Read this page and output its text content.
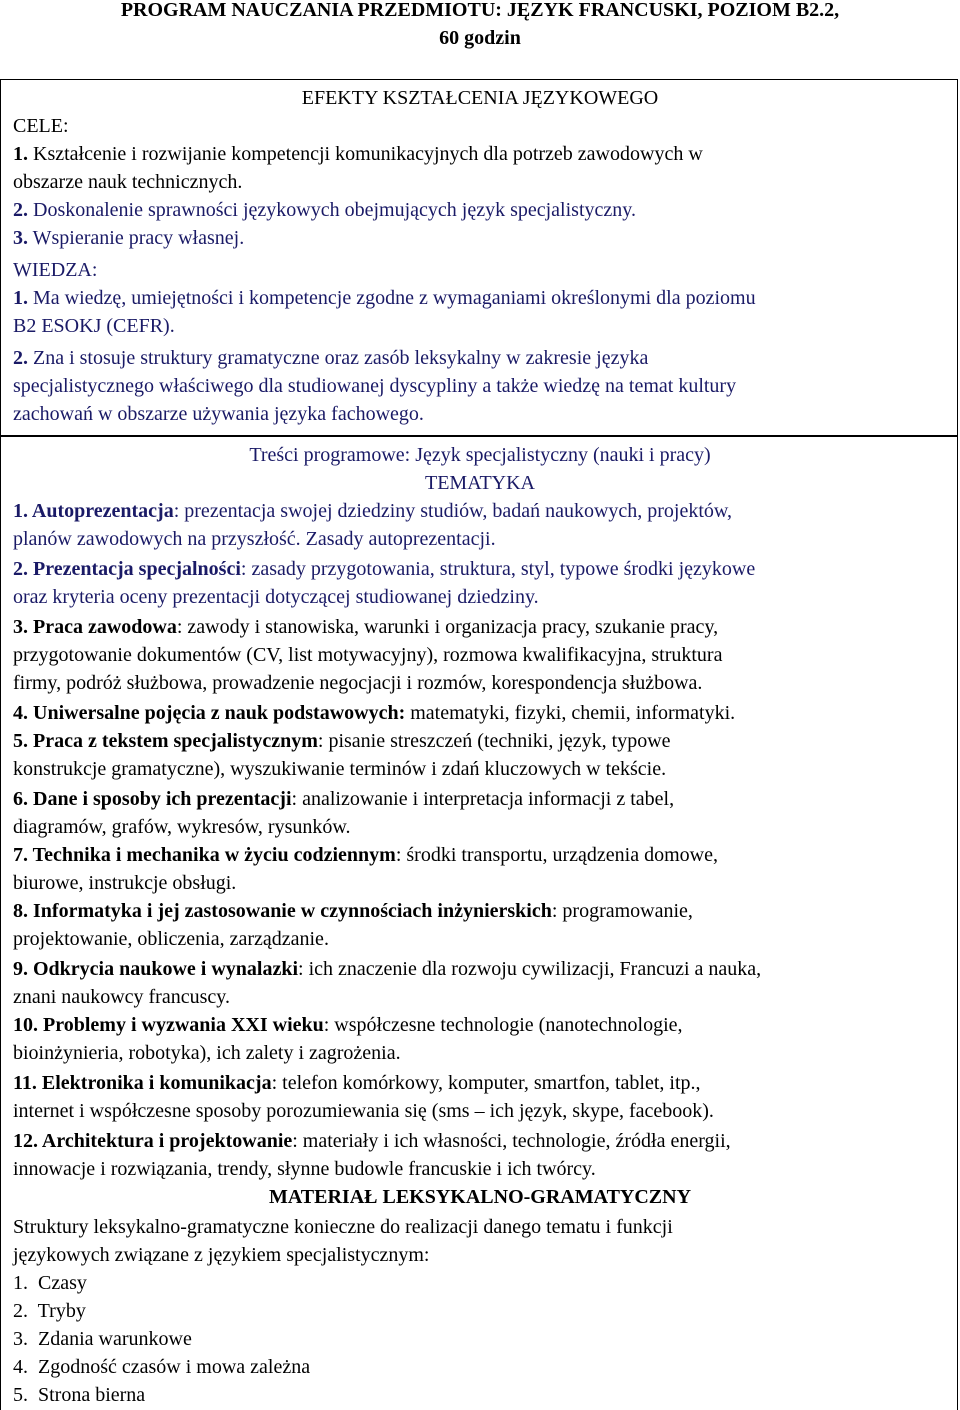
PROGRAM NAUCZANIA PRZEDMIOTU: JĘZYK FRANCUSKI, POZIOM B2.2,
60 godzin
EFEKTY KSZTAŁCENIA JĘZYKOWEGO
CELE:
1. Kształcenie i rozwijanie kompetencji komunikacyjnych dla potrzeb zawodowych w
obszarze nauk technicznych.
2. Doskonalenie sprawności językowych obejmujących język specjalistyczny.
3. Wspieranie pracy własnej.
WIEDZA:
1. Ma wiedzę, umiejętności i kompetencje zgodne z wymaganiami określonymi dla poziomu
B2 ESOKJ (CEFR).
2. Zna i stosuje struktury gramatyczne oraz zasób leksykalny w zakresie języka
specjalistycznego właściwego dla studiowanej dyscypliny a także wiedzę na temat kultury
zachowań w obszarze używania języka fachowego.
Treści programowe: Język specjalistyczny (nauki i pracy)
TEMATYKA
1. Autoprezentacja: prezentacja swojej dziedziny studiów, badań naukowych, projektów,
planów zawodowych na przyszłość. Zasady autoprezentacji.
2. Prezentacja specjalności: zasady przygotowania, struktura, styl, typowe środki językowe
oraz kryteria oceny prezentacji dotyczącej studiowanej dziedziny.
3. Praca zawodowa: zawody i stanowiska, warunki i organizacja pracy, szukanie pracy,
przygotowanie dokumentów (CV, list motywacyjny), rozmowa kwalifikacyjna, struktura
firmy, podróż służbowa, prowadzenie negocjacji i rozmów, korespondencja służbowa.
4. Uniwersalne pojęcia z nauk podstawowych: matematyki, fizyki, chemii, informatyki.
5. Praca z tekstem specjalistycznym: pisanie streszczeń (techniki, język, typowe
konstrukcje gramatyczne), wyszukiwanie terminów i zdań kluczowych w tekście.
6. Dane i sposoby ich prezentacji: analizowanie i interpretacja informacji z tabel,
diagramów, grafów, wykresów, rysunków.
7. Technika i mechanika w życiu codziennym: środki transportu, urządzenia domowe,
biurowe, instrukcje obsługi.
8. Informatyka i jej zastosowanie w czynnościach inżynierskich: programowanie,
projektowanie, obliczenia, zarządzanie.
9. Odkrycia naukowe i wynalazki: ich znaczenie dla rozwoju cywilizacji, Francuzi a nauka,
znani naukowcy francuscy.
10. Problemy i wyzwania XXI wieku: współczesne technologie (nanotechnologie,
bioinżynieria, robotyka), ich zalety i zagrożenia.
11. Elektronika i komunikacja: telefon komórkowy, komputer, smartfon, tablet, itp.,
internet i współczesne sposoby porozumiewania się (sms – ich język, skype, facebook).
12. Architektura i projektowanie: materiały i ich własności, technologie, źródła energii,
innowacje i rozwiązania, trendy, słynne budowle francuskie i ich twórcy.
MATERIAŁ LEKSYKALNO-GRAMATYCZNY
Struktury leksykalno-gramatyczne konieczne do realizacji danego tematu i funkcji
językowych związane z językiem specjalistycznym:
1.  Czasy
2.  Tryby
3.  Zdania warunkowe
4.  Zgodność czasów i mowa zależna
5.  Strona bierna
